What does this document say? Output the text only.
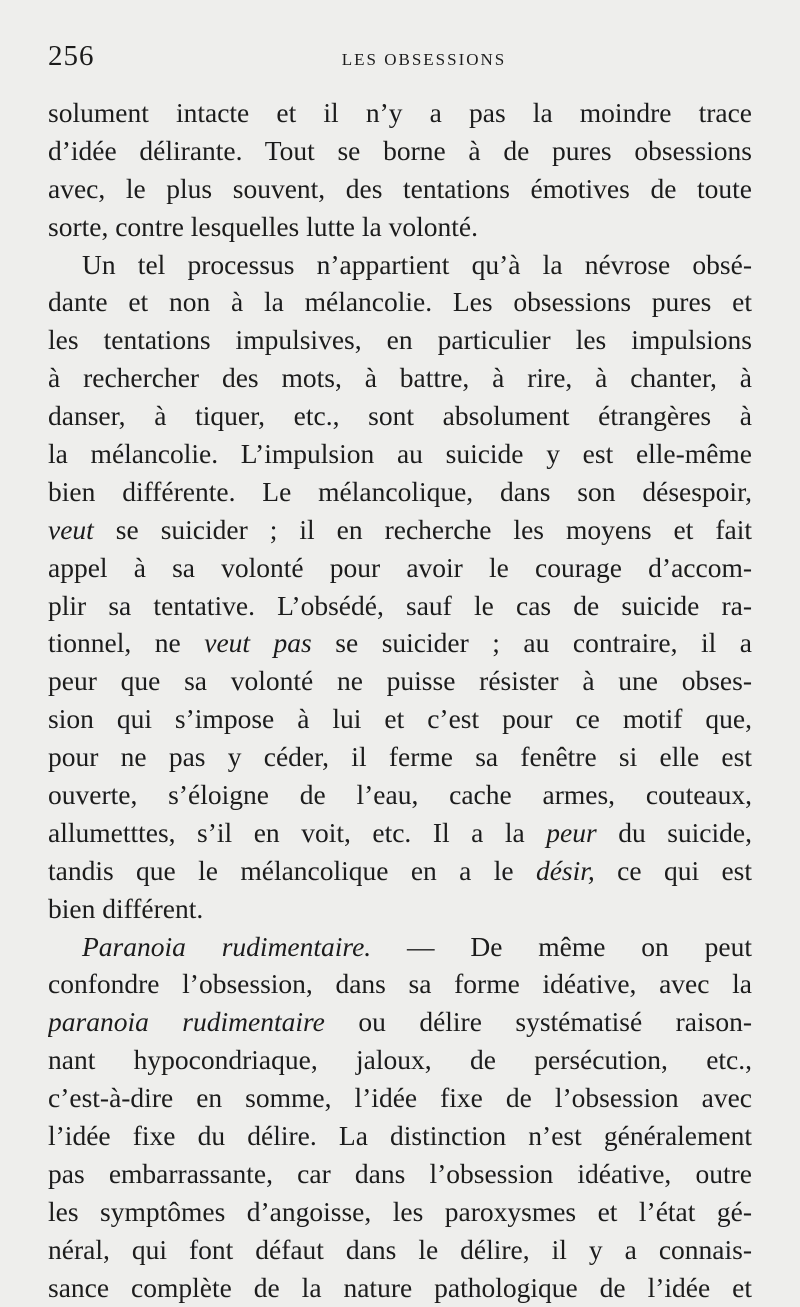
256	LES OBSESSIONS
solument intacte et il n’y a pas la moindre trace
d’idée délirante. Tout se borne à de pures obsessions
avec, le plus souvent, des tentations émotives de toute
sorte, contre lesquelles lutte la volonté.
Un tel processus n’appartient qu’à la névrose obsé-
dante et non à la mélancolie. Les obsessions pures et
les tentations impulsives, en particulier les impulsions
à rechercher des mots, à battre, à rire, à chanter, à
danser, à tiquer, etc., sont absolument étrangères à
la mélancolie. L’impulsion au suicide y est elle-même
bien différente. Le mélancolique, dans son désespoir,
veut se suicider ; il en recherche les moyens et fait
appel à sa volonté pour avoir le courage d’accom-
plir sa tentative. L’obsédé, sauf le cas de suicide ra-
tionnel, ne veut pas se suicider ; au contraire, il a
peur que sa volonté ne puisse résister à une obses-
sion qui s’impose à lui et c’est pour ce motif que,
pour ne pas y céder, il ferme sa fenêtre si elle est
ouverte, s’éloigne de l’eau, cache armes, couteaux,
allumetttes, s’il en voit, etc. Il a la peur du suicide,
tandis que le mélancolique en a le désir, ce qui est
bien différent.
Paranoia rudimentaire. — De même on peut
confondre l’obsession, dans sa forme idéative, avec la
paranoia rudimentaire ou délire systématisé raison-
nant hypocondriaque, jaloux, de persécution, etc.,
c’est-à-dire en somme, l’idée fixe de l’obsession avec
l’idée fixe du délire. La distinction n’est généralement
pas embarrassante, car dans l’obsession idéative, outre
les symptômes d’angoisse, les paroxysmes et l’état gé-
néral, qui font défaut dans le délire, il y a connais-
sance complète de la nature pathologique de l’idée et
